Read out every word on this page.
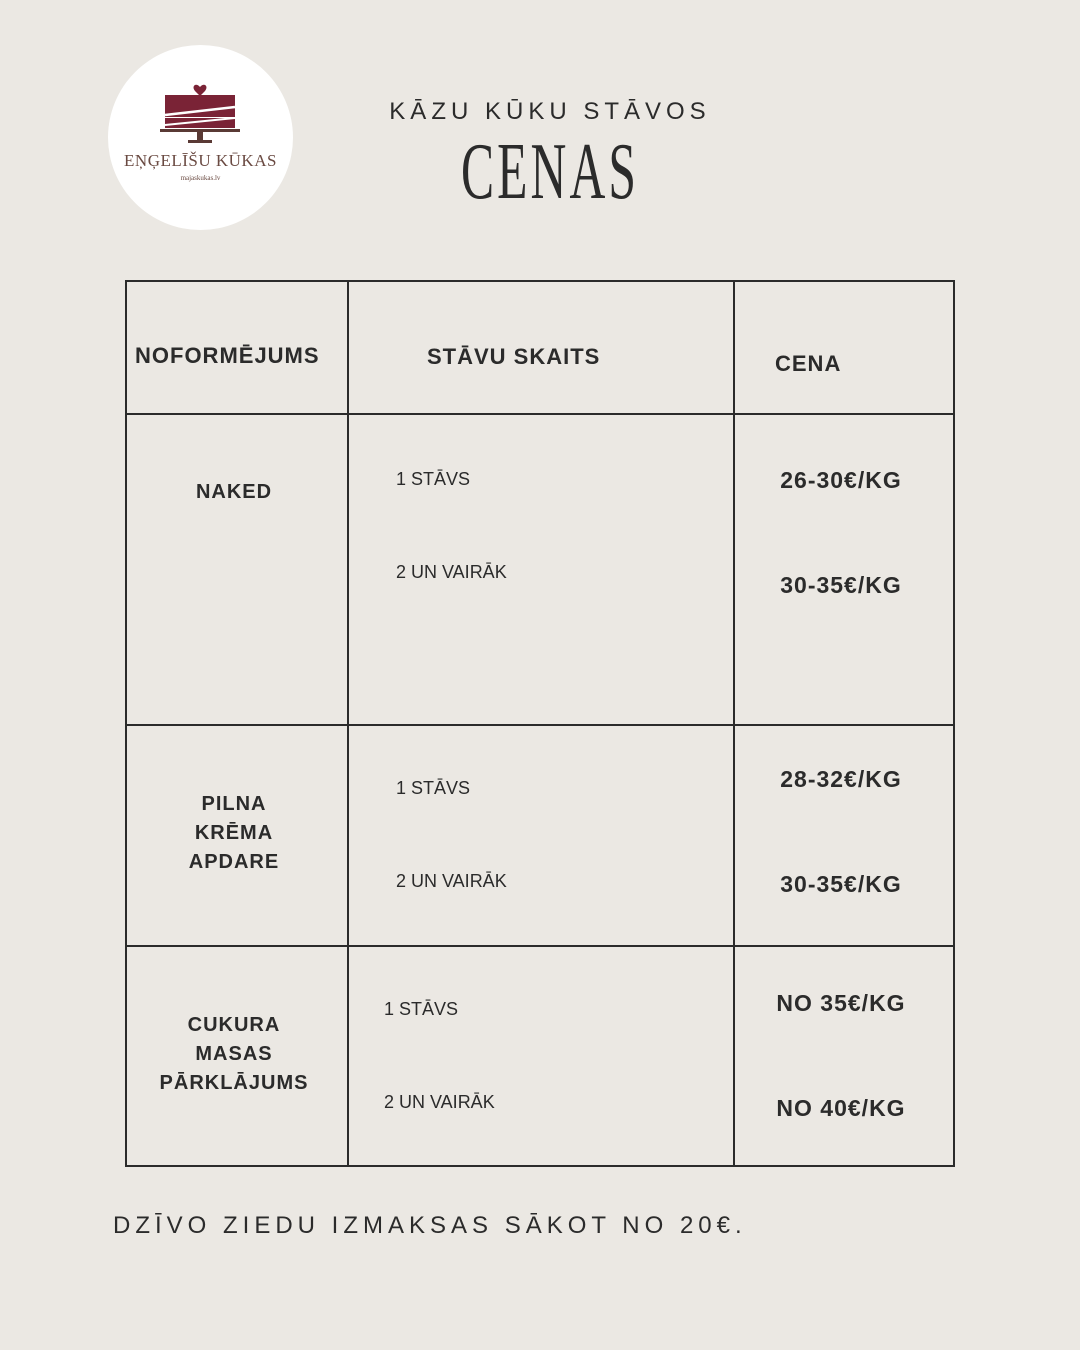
EŅĢELĪŠU KŪKAS
majaskukas.lv
KĀZU KŪKU STĀVOS
CENAS
NOFORMĒJUMS	STĀVU SKAITS	CENA
NAKED
1 STĀVS
2 UN VAIRĀK
26-30€/KG
30-35€/KG
PILNA
KRĒMA
APDARE
1 STĀVS
2 UN VAIRĀK
28-32€/KG
30-35€/KG
CUKURA
MASAS
PĀRKLĀJUMS
1 STĀVS
2 UN VAIRĀK
NO 35€/KG
NO 40€/KG
DZĪVO ZIEDU IZMAKSAS SĀKOT NO 20€.
